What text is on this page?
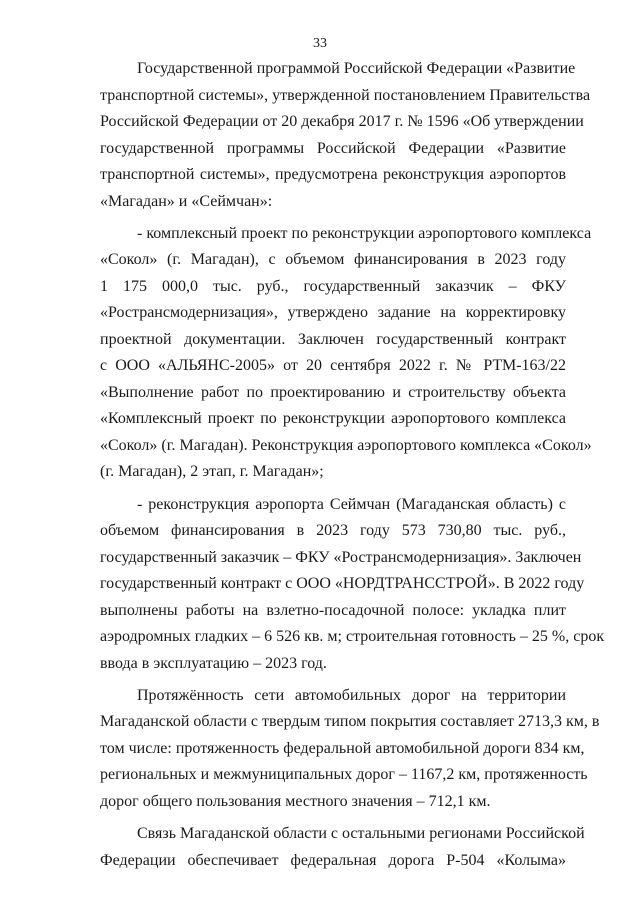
33
Государственной программой Российской Федерации «Развитие
транспортной системы», утвержденной постановлением Правительства
Российской Федерации от 20 декабря 2017 г. № 1596 «Об утверждении
государственной программы Российской Федерации «Развитие
транспортной системы», предусмотрена реконструкция аэропортов
«Магадан» и «Сеймчан»:
- комплексный проект по реконструкции аэропортового комплекса
«Сокол» (г. Магадан), с объемом финансирования в 2023 году
1 175 000,0 тыс. руб., государственный заказчик – ФКУ
«Ространсмодернизация», утверждено задание на корректировку
проектной документации. Заключен государственный контракт
с ООО «АЛЬЯНС-2005» от 20 сентября 2022 г. № РТМ-163/22
«Выполнение работ по проектированию и строительству объекта
«Комплексный проект по реконструкции аэропортового комплекса
«Сокол» (г. Магадан). Реконструкция аэропортового комплекса «Сокол»
(г. Магадан), 2 этап, г. Магадан»;
- реконструкция аэропорта Сеймчан (Магаданская область) с
объемом финансирования в 2023 году 573 730,80 тыс. руб.,
государственный заказчик – ФКУ «Ространсмодернизация». Заключен
государственный контракт с ООО «НОРДТРАНССТРОЙ». В 2022 году
выполнены работы на взлетно-посадочной полосе: укладка плит
аэродромных гладких – 6 526 кв. м; строительная готовность – 25 %, срок
ввода в эксплуатацию – 2023 год.
Протяжённость сети автомобильных дорог на территории
Магаданской области с твердым типом покрытия составляет 2713,3 км, в
том числе: протяженность федеральной автомобильной дороги 834 км,
региональных и межмуниципальных дорог – 1167,2 км, протяженность
дорог общего пользования местного значения – 712,1 км.
Связь Магаданской области с остальными регионами Российской
Федерации обеспечивает федеральная дорога Р-504 «Колыма»
